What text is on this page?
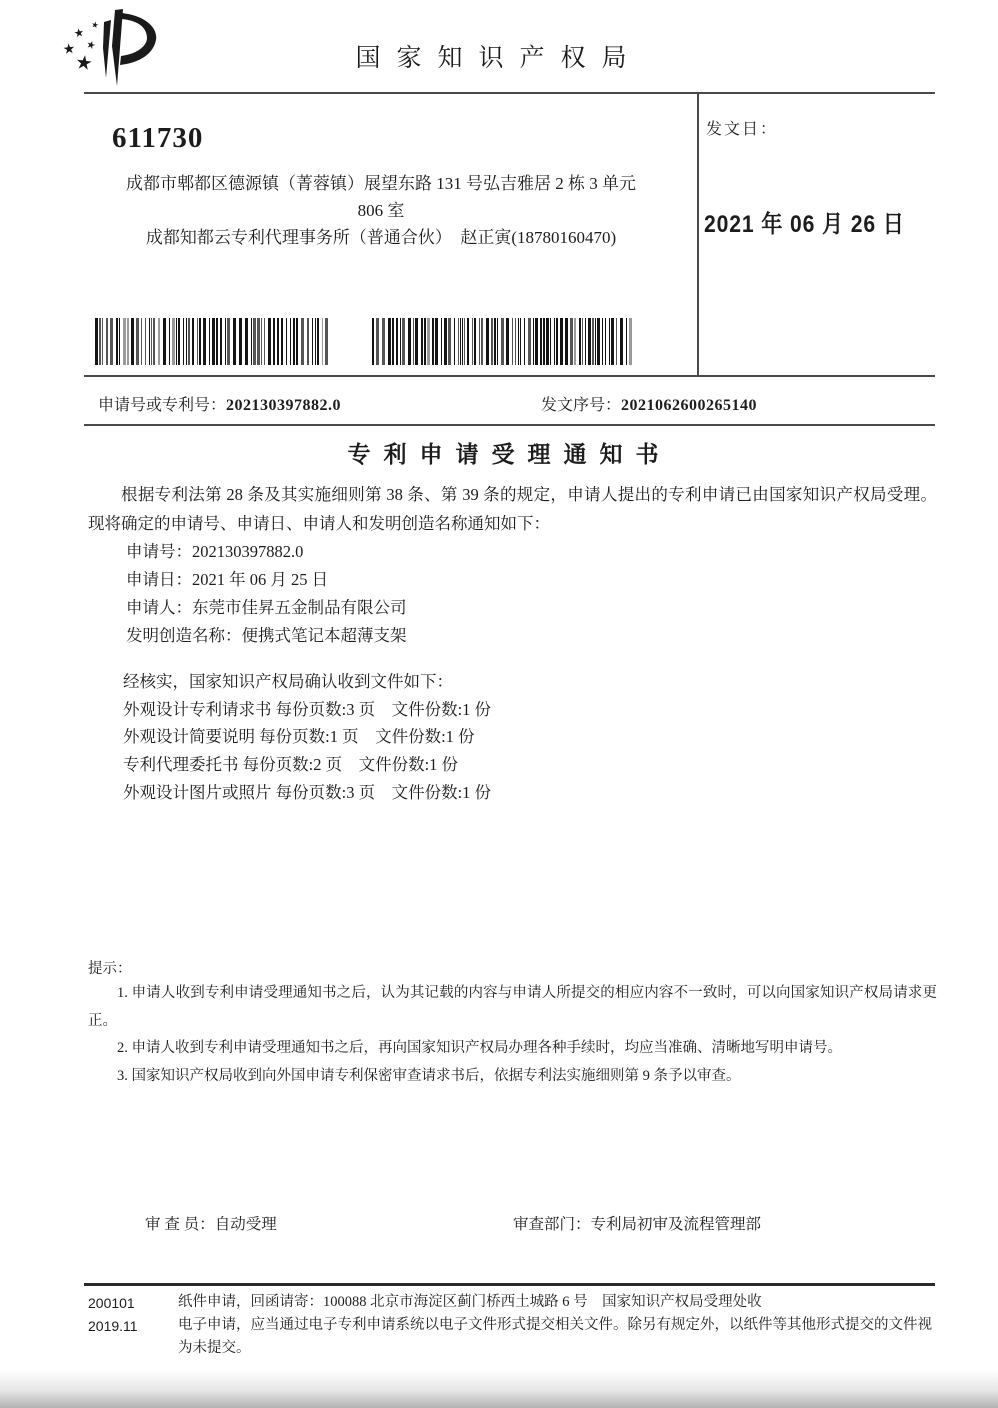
国家知识产权局
611730
成都市郫都区德源镇（菁蓉镇）展望东路 131 号弘吉雅居 2 栋 3 单元
806 室
成都知都云专利代理事务所（普通合伙）　赵正寅(18780160470)
发文日：
2021 年 06 月 26 日
申请号或专利号：202130397882.0	发文序号：2021062600265140
专利申请受理通知书

根据专利法第 28 条及其实施细则第 38 条、第 39 条的规定，申请人提出的专利申请已由国家知识产权局受理。现将确定的申请号、申请日、申请人和发明创造名称通知如下：

申请号：202130397882.0
申请日：2021 年 06 月 25 日
申请人：东莞市佳昇五金制品有限公司
发明创造名称：便携式笔记本超薄支架
经核实，国家知识产权局确认收到文件如下：
外观设计专利请求书 每份页数:3 页　文件份数:1 份
外观设计简要说明 每份页数:1 页　文件份数:1 份
专利代理委托书 每份页数:2 页　文件份数:1 份
外观设计图片或照片 每份页数:3 页　文件份数:1 份
提示：

1. 申请人收到专利申请受理通知书之后，认为其记载的内容与申请人所提交的相应内容不一致时，可以向国家知识产权局请求更正。

2. 申请人收到专利申请受理通知书之后，再向国家知识产权局办理各种手续时，均应当准确、清晰地写明申请号。

3. 国家知识产权局收到向外国申请专利保密审查请求书后，依据专利法实施细则第 9 条予以审查。

审 查 员：自动受理	审查部门：专利局初审及流程管理部
200101
2019.11

纸件申请，回函请寄：100088 北京市海淀区蓟门桥西土城路 6 号　国家知识产权局受理处收

电子申请，应当通过电子专利申请系统以电子文件形式提交相关文件。除另有规定外，以纸件等其他形式提交的文件视为未提交。
